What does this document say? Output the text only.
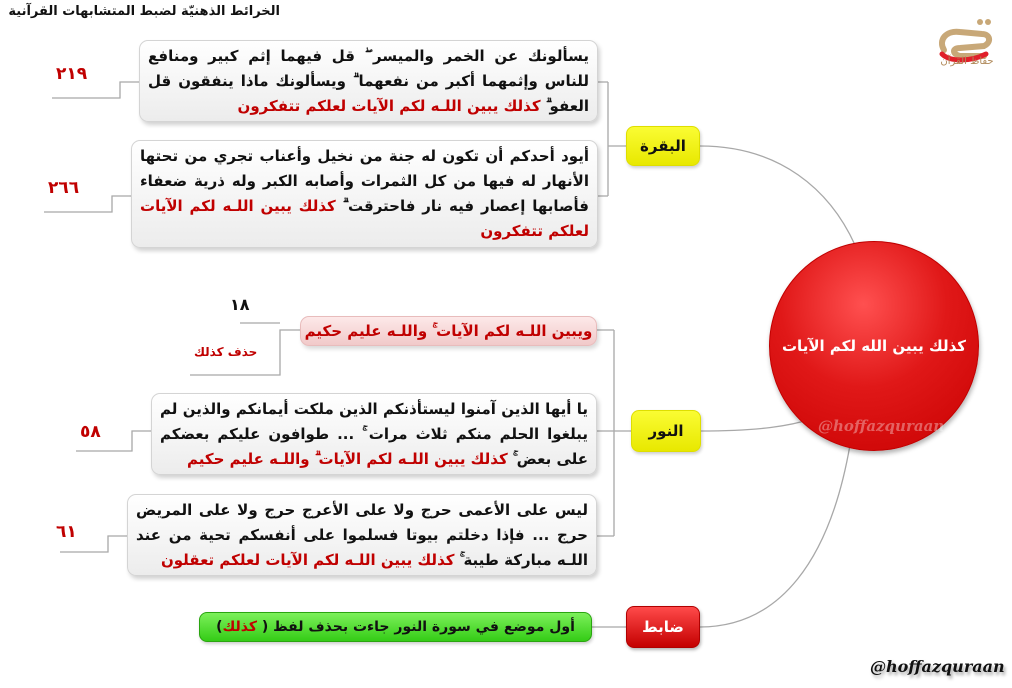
الخرائط الذهنيّة لضبط المتشابهات القرآنية
حفاظ القرآن
كذلك يبين الله لكم الآيات
@hoffazquraan
البقرة
يسألونك عن الخمر والميسر ۖ قل فيهما إثم كبير ومنافع للناس وإثمهما أكبر من نفعهما ۗ ويسألونك ماذا ينفقون قل العفو ۗ كذلك يبين اللـه لكم الآيات لعلكم تتفكرون
٢١٩
أيود أحدكم أن تكون له جنة من نخيل وأعناب تجري من تحتها الأنهار له فيها من كل الثمرات وأصابه الكبر وله ذرية ضعفاء فأصابها إعصار فيه نار فاحترقت ۗ كذلك يبين اللـه لكم الآيات لعلكم تتفكرون
٢٦٦
النور
ويبين اللـه لكم الآيات ۚ واللـه عليم حكيم
١٨
حذف كذلك
يا أيها الذين آمنوا ليستأذنكم الذين ملكت أيمانكم والذين لم يبلغوا الحلم منكم ثلاث مرات ۚ ... طوافون عليكم بعضكم على بعض ۚ كذلك يبين اللـه لكم الآيات ۗ واللـه عليم حكيم
٥٨
ليس على الأعمى حرج ولا على الأعرج حرج ولا على المريض حرج ... فإذا دخلتم بيوتا فسلموا على أنفسكم تحية من عند اللـه مباركة طيبة ۚ كذلك يبين اللـه لكم الآيات لعلكم تعقلون
٦١
ضابط
أول موضع في سورة النور جاءت بحذف لفظ ( كذلك)
@hoffazquraan
